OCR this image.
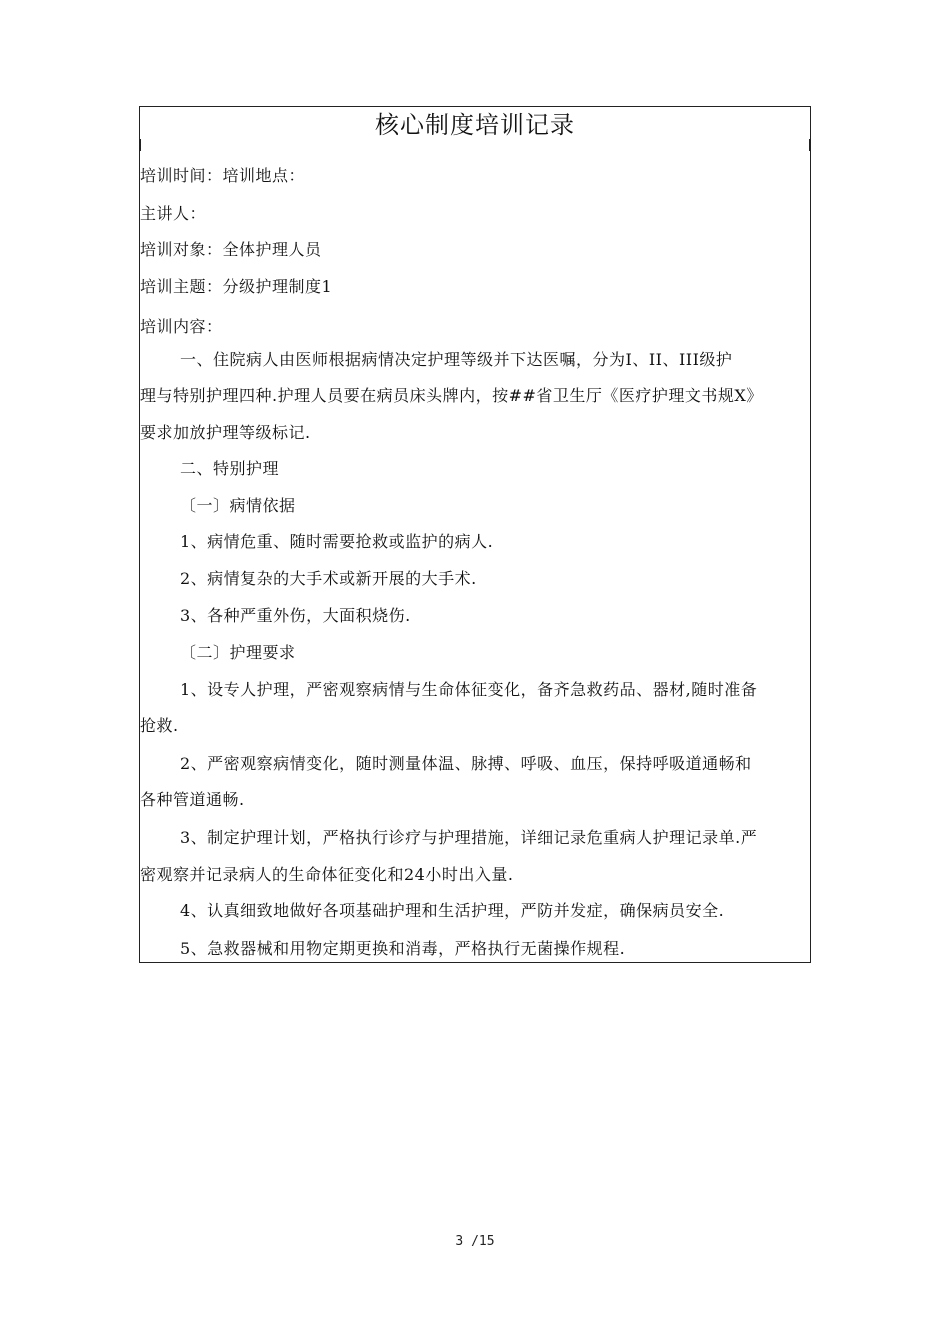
核心制度培训记录
培训时间：培训地点：
主讲人：
培训对象：全体护理人员
培训主题：分级护理制度1
培训内容：
一、住院病人由医师根据病情决定护理等级并下达医嘱，分为I、II、III级护
理与特别护理四种.护理人员要在病员床头牌内，按##省卫生厅《医疗护理文书规X》
要求加放护理等级标记.
二、特别护理
〔一〕病情依据
1、病情危重、随时需要抢救或监护的病人.
2、病情复杂的大手术或新开展的大手术.
3、各种严重外伤，大面积烧伤.
〔二〕护理要求
1、设专人护理，严密观察病情与生命体征变化，备齐急救药品、器材,随时准备
抢救.
2、严密观察病情变化，随时测量体温、脉搏、呼吸、血压，保持呼吸道通畅和
各种管道通畅.
3、制定护理计划，严格执行诊疗与护理措施，详细记录危重病人护理记录单.严
密观察并记录病人的生命体征变化和24小时出入量.
4、认真细致地做好各项基础护理和生活护理，严防并发症，确保病员安全.
5、急救器械和用物定期更换和消毒，严格执行无菌操作规程.
3 /15
